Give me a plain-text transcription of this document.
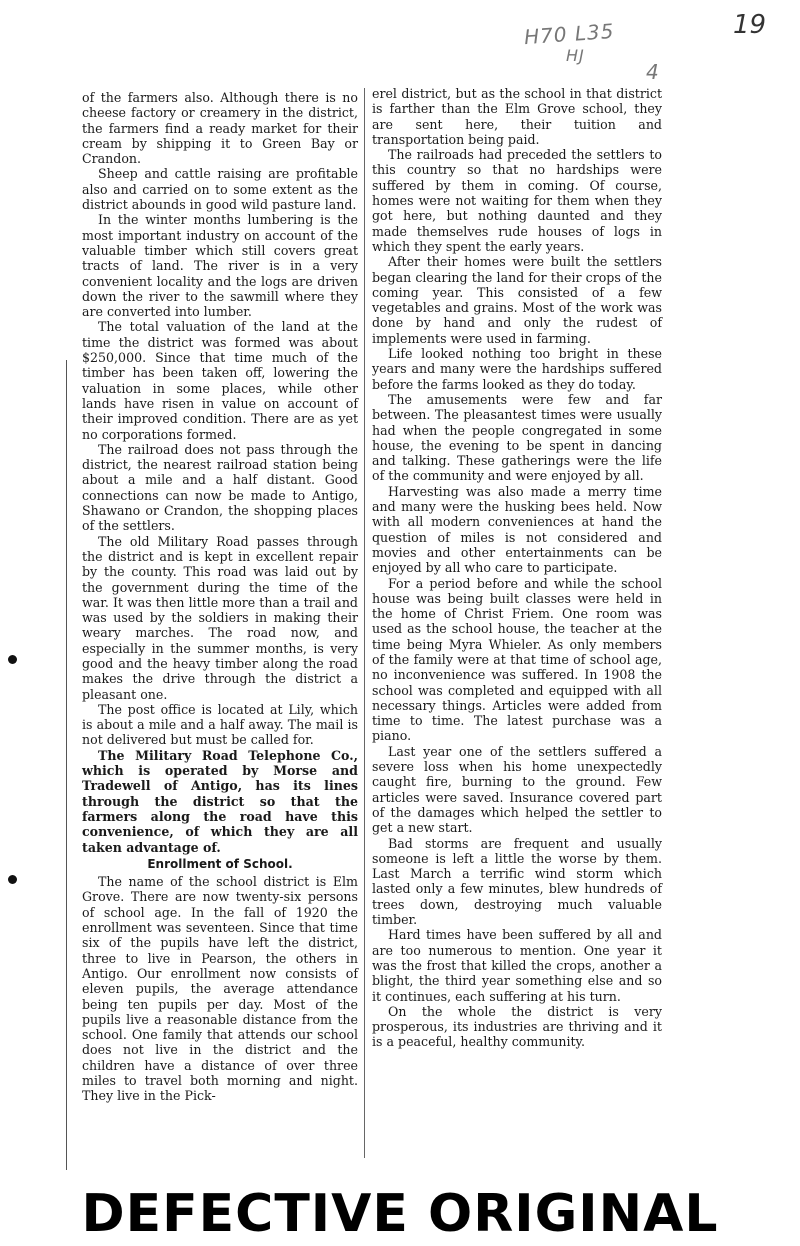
19
H70 L35
HJ
4

of the farmers also. Although there is no cheese factory or creamery in the district, the farmers find a ready market for their cream by shipping it to Green Bay or Crandon.

Sheep and cattle raising are profitable also and carried on to some extent as the district abounds in good wild pasture land.

In the winter months lumbering is the most important industry on account of the valuable timber which still covers great tracts of land. The river is in a very convenient locality and the logs are driven down the river to the sawmill where they are converted into lumber.

The total valuation of the land at the time the district was formed was about $250,000. Since that time much of the timber has been taken off, lowering the valuation in some places, while other lands have risen in value on account of their improved condition. There are as yet no corporations formed.

The railroad does not pass through the district, the nearest railroad station being about a mile and a half distant. Good connections can now be made to Antigo, Shawano or Crandon, the shopping places of the settlers.

The old Military Road passes through the district and is kept in excellent repair by the county. This road was laid out by the government during the time of the war. It was then little more than a trail and was used by the soldiers in making their weary marches. The road now, and especially in the summer months, is very good and the heavy timber along the road makes the drive through the district a pleasant one.

The post office is located at Lily, which is about a mile and a half away. The mail is not delivered but must be called for.

The Military Road Telephone Co., which is operated by Morse and Tradewell of Antigo, has its lines through the district so that the farmers along the road have this convenience, of which they are all taken advantage of.

Enrollment of School.

The name of the school district is Elm Grove. There are now twenty-six persons of school age. In the fall of 1920 the enrollment was seventeen. Since that time six of the pupils have left the district, three to live in Pearson, the others in Antigo. Our enrollment now consists of eleven pupils, the average attendance being ten pupils per day. Most of the pupils live a reasonable distance from the school. One family that attends our school does not live in the district and the children have a distance of over three miles to travel both morning and night. They live in the Pick-

erel district, but as the school in that district is farther than the Elm Grove school, they are sent here, their tuition and transportation being paid.

The railroads had preceded the settlers to this country so that no hardships were suffered by them in coming. Of course, homes were not waiting for them when they got here, but nothing daunted and they made themselves rude houses of logs in which they spent the early years.

After their homes were built the settlers began clearing the land for their crops of the coming year. This consisted of a few vegetables and grains. Most of the work was done by hand and only the rudest of implements were used in farming.

Life looked nothing too bright in these years and many were the hardships suffered before the farms looked as they do today.

The amusements were few and far between. The pleasantest times were usually had when the people congregated in some house, the evening to be spent in dancing and talking. These gatherings were the life of the community and were enjoyed by all.

Harvesting was also made a merry time and many were the husking bees held. Now with all modern conveniences at hand the question of miles is not considered and movies and other entertainments can be enjoyed by all who care to participate.

For a period before and while the school house was being built classes were held in the home of Christ Friem. One room was used as the school house, the teacher at the time being Myra Whieler. As only members of the family were at that time of school age, no inconvenience was suffered. In 1908 the school was completed and equipped with all necessary things. Articles were added from time to time. The latest purchase was a piano.

Last year one of the settlers suffered a severe loss when his home unexpectedly caught fire, burning to the ground. Few articles were saved. Insurance covered part of the damages which helped the settler to get a new start.

Bad storms are frequent and usually someone is left a little the worse by them. Last March a terrific wind storm which lasted only a few minutes, blew hundreds of trees down, destroying much valuable timber.

Hard times have been suffered by all and are too numerous to mention. One year it was the frost that killed the crops, another a blight, the third year something else and so it continues, each suffering at his turn.

On the whole the district is very prosperous, its industries are thriving and it is a peaceful, healthy community.

DEFECTIVE ORIGINAL
